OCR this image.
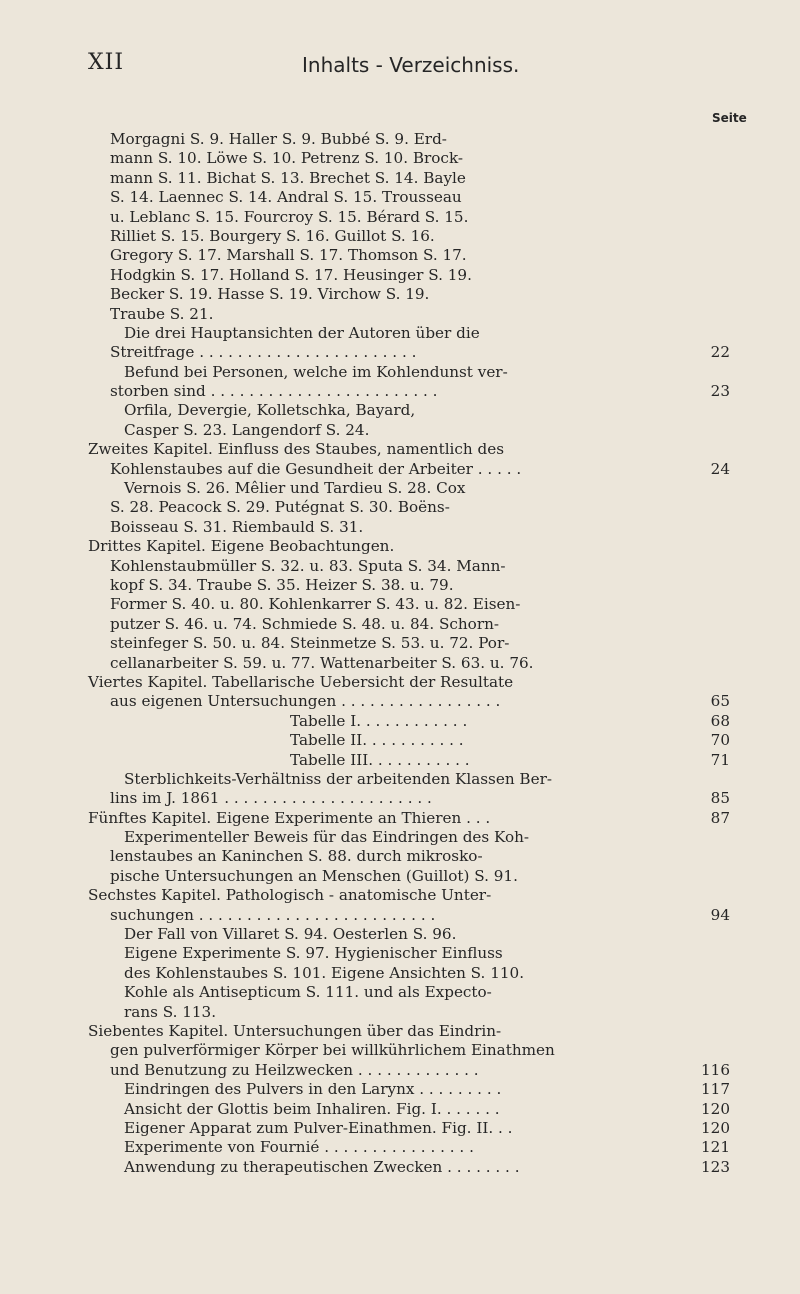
XII	Inhalts - Verzeichniss.
Seite
Morgagni S. 9. Haller S. 9. Bubbé S. 9. Erd-
mann S. 10. Löwe S. 10. Petrenz S. 10. Brock-
mann S. 11. Bichat S. 13. Brechet S. 14. Bayle
S. 14. Laennec S. 14. Andral S. 15. Trousseau
u. Leblanc S. 15. Fourcroy S. 15. Bérard S. 15.
Rilliet S. 15. Bourgery S. 16. Guillot S. 16.
Gregory S. 17. Marshall S. 17. Thomson S. 17.
Hodgkin S. 17. Holland S. 17. Heusinger S. 19.
Becker S. 19. Hasse S. 19. Virchow S. 19.
Traube S. 21.
Die drei Hauptansichten der Autoren über die
Streitfrage . . . . . . . . . . . . . . . . . . . . . . .	22
Befund bei Personen, welche im Kohlendunst ver-
storben sind . . . . . . . . . . . . . . . . . . . . . . . .	23
Orfila, Devergie, Kolletschka, Bayard,
Casper S. 23. Langendorf S. 24.
Zweites Kapitel. Einfluss des Staubes, namentlich des
Kohlenstaubes auf die Gesundheit der Arbeiter . . . . .	24
Vernois S. 26. Mêlier und Tardieu S. 28. Cox
S. 28. Peacock S. 29. Putégnat S. 30. Boëns-
Boisseau S. 31. Riembauld S. 31.
Drittes Kapitel. Eigene Beobachtungen.
Kohlenstaubmüller S. 32. u. 83. Sputa S. 34. Mann-
kopf S. 34. Traube S. 35. Heizer S. 38. u. 79.
Former S. 40. u. 80. Kohlenkarrer S. 43. u. 82. Eisen-
putzer S. 46. u. 74. Schmiede S. 48. u. 84. Schorn-
steinfeger S. 50. u. 84. Steinmetze S. 53. u. 72. Por-
cellanarbeiter S. 59. u. 77. Wattenarbeiter S. 63. u. 76.
Viertes Kapitel. Tabellarische Uebersicht der Resultate
aus eigenen Untersuchungen . . . . . . . . . . . . . . . . .	65
Tabelle I. . . . . . . . . . . .	68
Tabelle II. . . . . . . . . . .	70
Tabelle III. . . . . . . . . . .	71
Sterblichkeits-Verhältniss der arbeitenden Klassen Ber-
lins im J. 1861 . . . . . . . . . . . . . . . . . . . . . .	85
Fünftes Kapitel. Eigene Experimente an Thieren . . .	87
Experimenteller Beweis für das Eindringen des Koh-
lenstaubes an Kaninchen S. 88. durch mikrosko-
pische Untersuchungen an Menschen (Guillot) S. 91.
Sechstes Kapitel. Pathologisch - anatomische Unter-
suchungen . . . . . . . . . . . . . . . . . . . . . . . . .	94
Der Fall von Villaret S. 94. Oesterlen S. 96.
Eigene Experimente S. 97. Hygienischer Einfluss
des Kohlenstaubes S. 101. Eigene Ansichten S. 110.
Kohle als Antisepticum S. 111. und als Expecto-
rans S. 113.
Siebentes Kapitel. Untersuchungen über das Eindrin-
gen pulverförmiger Körper bei willkührlichem Einathmen
und Benutzung zu Heilzwecken . . . . . . . . . . . . .	116
Eindringen des Pulvers in den Larynx . . . . . . . . .	117
Ansicht der Glottis beim Inhaliren. Fig. I. . . . . . .	120
Eigener Apparat zum Pulver-Einathmen. Fig. II. . .	120
Experimente von Fournié . . . . . . . . . . . . . . . .	121
Anwendung zu therapeutischen Zwecken . . . . . . . .	123
